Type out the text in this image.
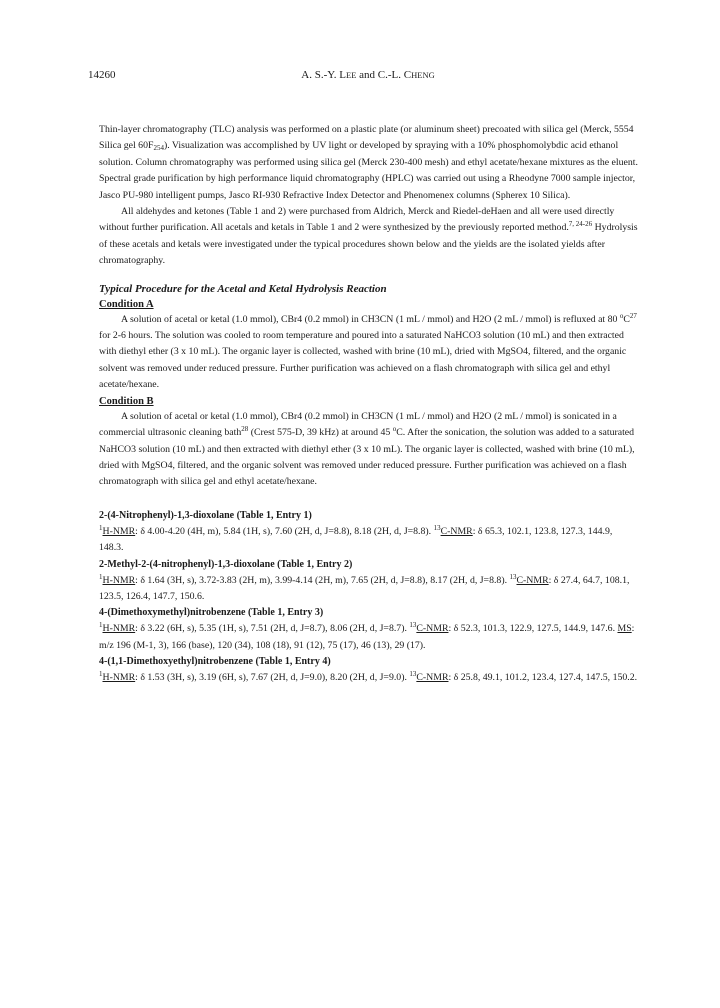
14260	A. S.-Y. LEE and C.-L. CHENG

Thin-layer chromatography (TLC) analysis was performed on a plastic plate (or aluminum sheet) precoated with silica gel (Merck, 5554 Silica gel $60F_{254}$). Visualization was accomplished by UV light or developed by spraying with a 10% phosphomolybdic acid ethanol solution. Column chromatography was performed using silica gel (Merck 230-400 mesh) and ethyl acetate/hexane mixtures as the eluent. Spectral grade purification by high performance liquid chromatography (HPLC) was carried out using a Rheodyne 7000 sample injector, Jasco PU-980 intelligent pumps, Jasco RI-930 Refractive Index Detector and Phenomenex columns (Spherex 10 Silica).

All aldehydes and ketones (Table 1 and 2) were purchased from Aldrich, Merck and Riedel-deHaen and all were used directly without further purification. All acetals and ketals in Table 1 and 2 were synthesized by the previously reported method.$^{7, 24-26}$ Hydrolysis of these acetals and ketals were investigated under the typical procedures shown below and the yields are the isolated yields after chromatography.

Typical Procedure for the Acetal and Ketal Hydrolysis Reaction

Condition A

A solution of acetal or ketal (1.0 mmol), CBr4 (0.2 mmol) in CH3CN (1 mL / mmol) and H2O (2 mL / mmol) is refluxed at 80 $^oC^{27}$ for 2-6 hours. The solution was cooled to room temperature and poured into a saturated NaHCO3 solution (10 mL) and then extracted with diethyl ether (3 x 10 mL). The organic layer is collected, washed with brine (10 mL), dried with MgSO4, filtered, and the organic solvent was removed under reduced pressure. Further purification was achieved on a flash chromatograph with silica gel and ethyl acetate/hexane.

Condition B

A solution of acetal or ketal (1.0 mmol), CBr4 (0.2 mmol) in CH3CN (1 mL / mmol) and H2O (2 mL / mmol) is sonicated in a commercial ultrasonic cleaning bath$^{28}$ (Crest 575-D, 39 kHz) at around 45 $^o$C. After the sonication, the solution was added to a saturated NaHCO3 solution (10 mL) and then extracted with diethyl ether (3 x 10 mL). The organic layer is collected, washed with brine (10 mL), dried with MgSO4, filtered, and the organic solvent was removed under reduced pressure. Further purification was achieved on a flash chromatograph with silica gel and ethyl acetate/hexane.

2-(4-Nitrophenyl)-1,3-dioxolane (Table 1, Entry 1)

$^1$H-NMR: δ 4.00-4.20 (4H, m), 5.84 (1H, s), 7.60 (2H, d, J=8.8), 8.18 (2H, d, J=8.8). $^{13}$C-NMR: δ 65.3, 102.1, 123.8, 127.3, 144.9, 148.3.

2-Methyl-2-(4-nitrophenyl)-1,3-dioxolane (Table 1, Entry 2)

$^1$H-NMR: δ 1.64 (3H, s), 3.72-3.83 (2H, m), 3.99-4.14 (2H, m), 7.65 (2H, d, J=8.8), 8.17 (2H, d, J=8.8). $^{13}$C-NMR: δ 27.4, 64.7, 108.1, 123.5, 126.4, 147.7, 150.6.

4-(Dimethoxymethyl)nitrobenzene (Table 1, Entry 3)

$^1$H-NMR: δ 3.22 (6H, s), 5.35 (1H, s), 7.51 (2H, d, J=8.7), 8.06 (2H, d, J=8.7). $^{13}$C-NMR: δ 52.3, 101.3, 122.9, 127.5, 144.9, 147.6. MS: m/z 196 (M-1, 3), 166 (base), 120 (34), 108 (18), 91 (12), 75 (17), 46 (13), 29 (17).

4-(1,1-Dimethoxyethyl)nitrobenzene (Table 1, Entry 4)

$^1$H-NMR: δ 1.53 (3H, s), 3.19 (6H, s), 7.67 (2H, d, J=9.0), 8.20 (2H, d, J=9.0). $^{13}$C-NMR: δ 25.8, 49.1, 101.2, 123.4, 127.4, 147.5, 150.2.
